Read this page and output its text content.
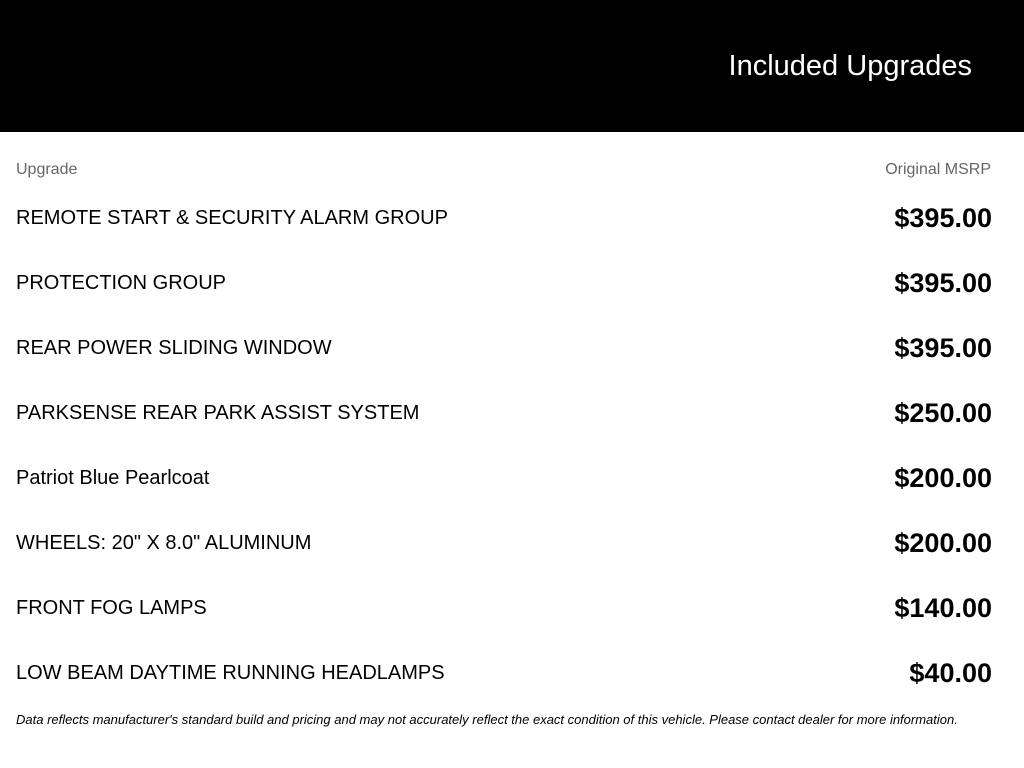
Included Upgrades
Upgrade	Original MSRP
REMOTE START & SECURITY ALARM GROUP	$395.00
PROTECTION GROUP	$395.00
REAR POWER SLIDING WINDOW	$395.00
PARKSENSE REAR PARK ASSIST SYSTEM	$250.00
Patriot Blue Pearlcoat	$200.00
WHEELS: 20" X 8.0" ALUMINUM	$200.00
FRONT FOG LAMPS	$140.00
LOW BEAM DAYTIME RUNNING HEADLAMPS	$40.00
Data reflects manufacturer's standard build and pricing and may not accurately reflect the exact condition of this vehicle. Please contact dealer for more information.
